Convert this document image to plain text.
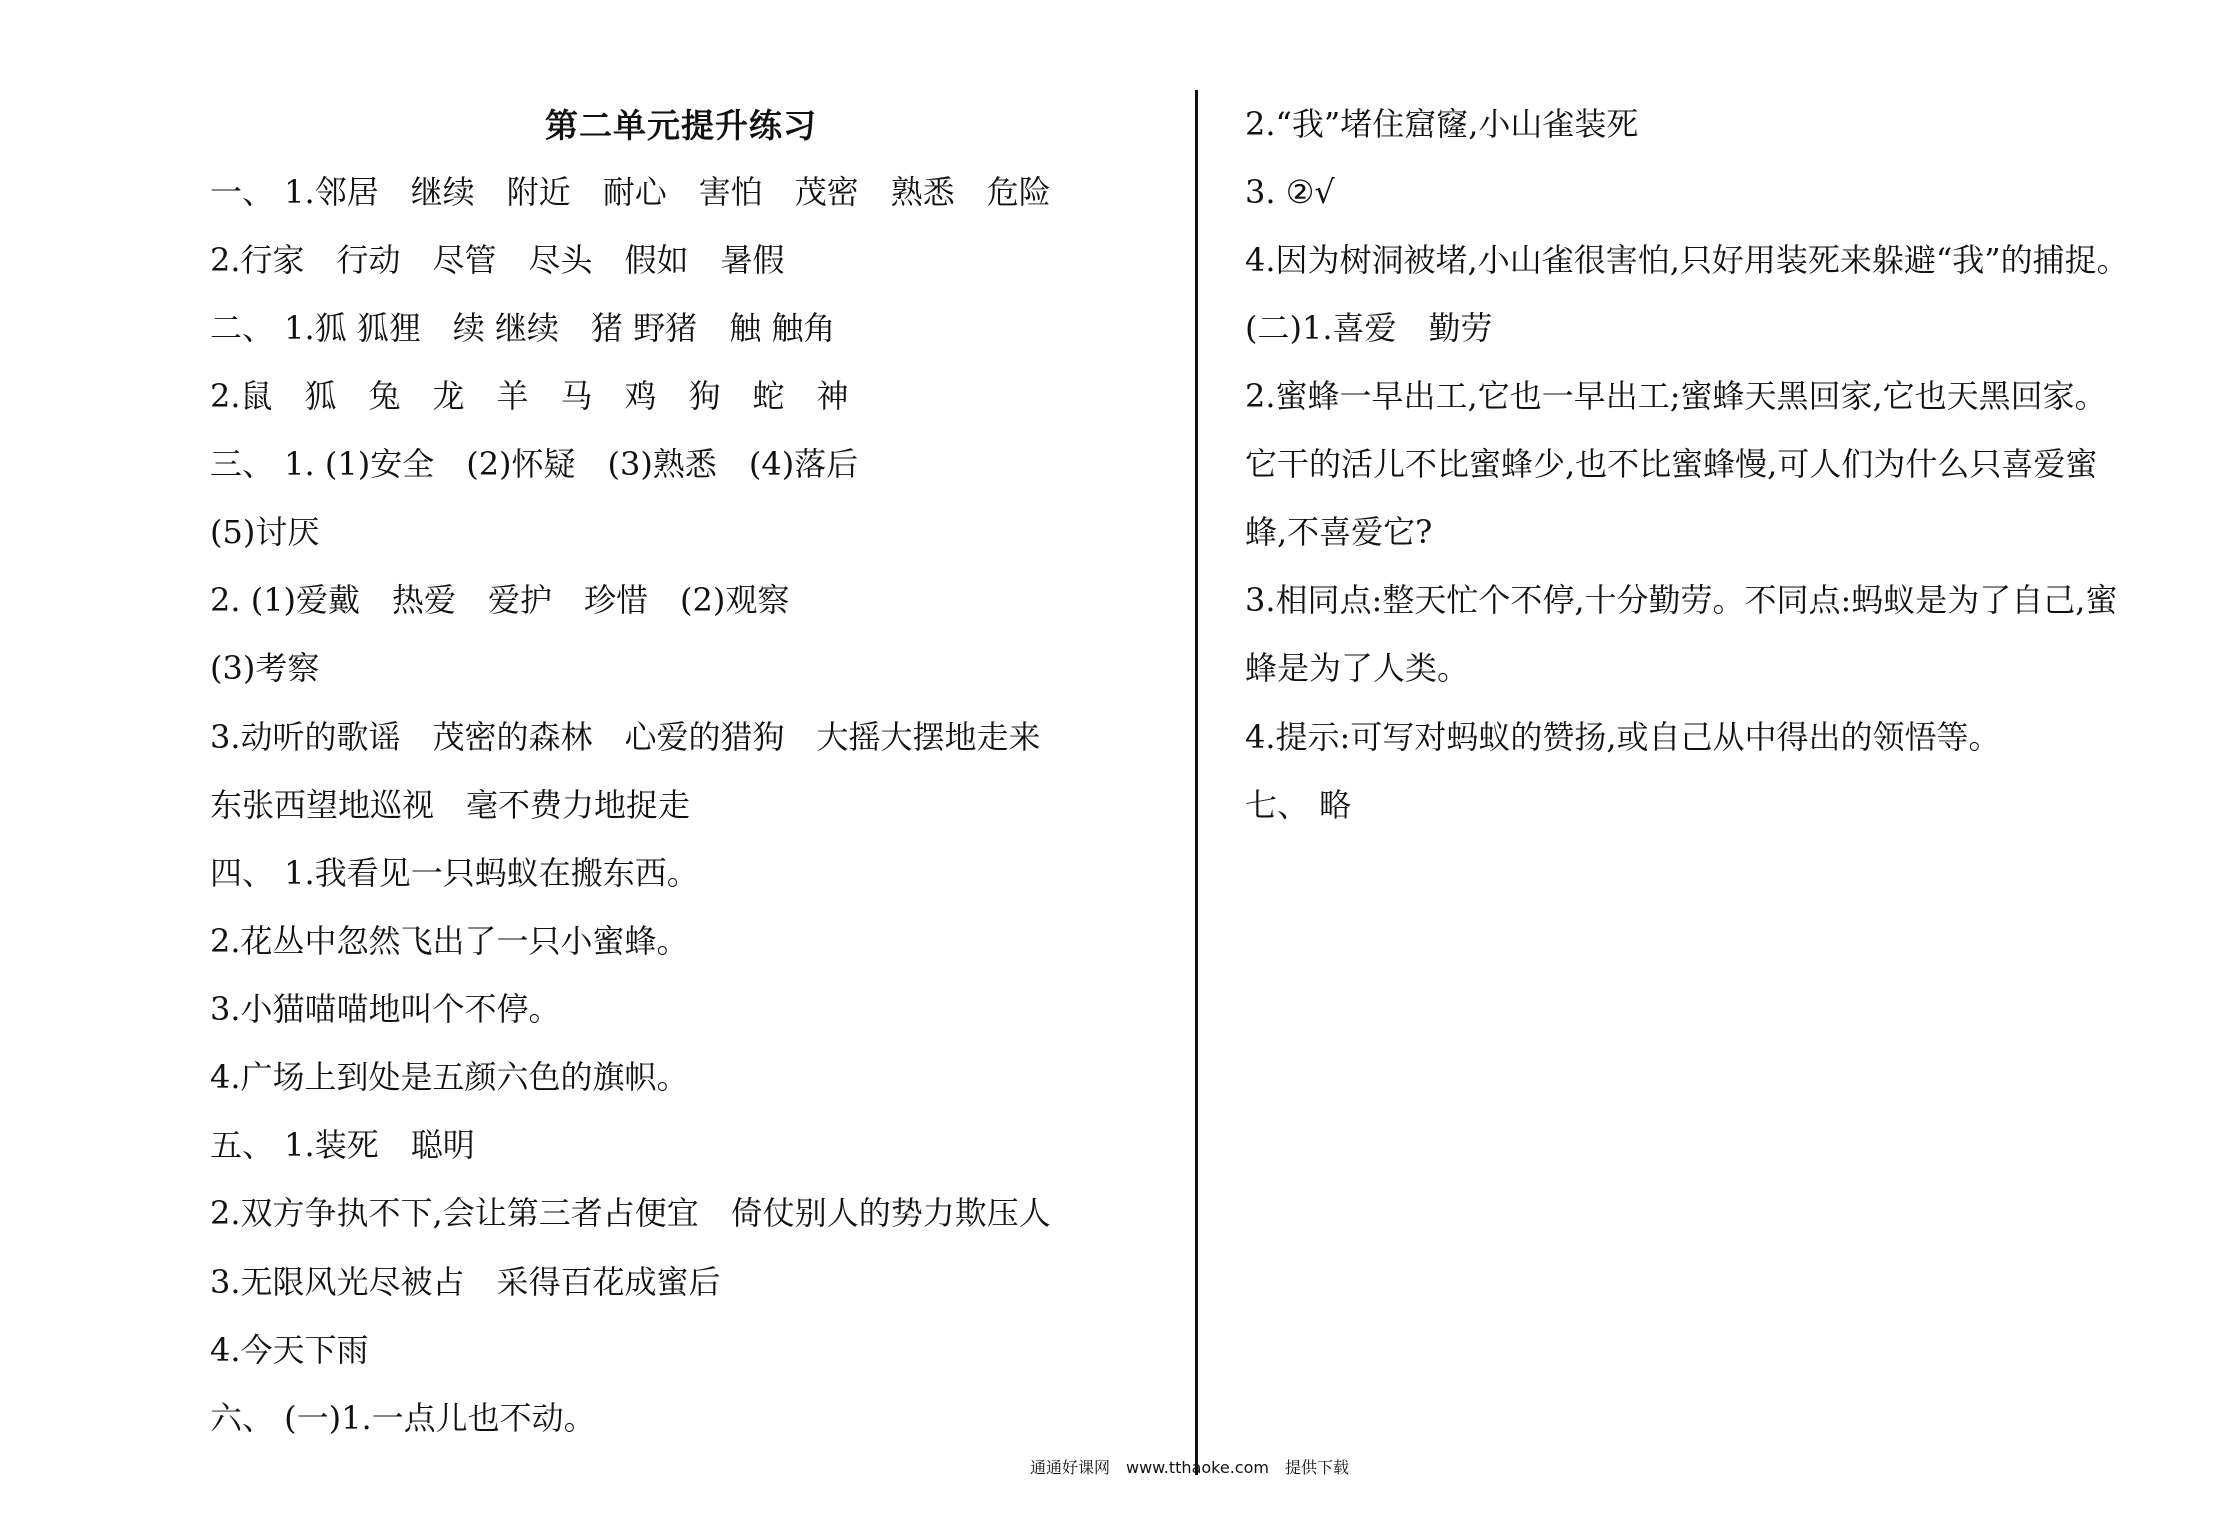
第二单元提升练习
一、 1.邻居　继续　附近　耐心　害怕　茂密　熟悉　危险
2.行家　行动　尽管　尽头　假如　暑假
二、 1.狐 狐狸　续 继续　猪 野猪　触 触角
2.鼠　狐　兔　龙　羊　马　鸡　狗　蛇　神
三、 1. (1)安全　(2)怀疑　(3)熟悉　(4)落后
(5)讨厌
2. (1)爱戴　热爱　爱护　珍惜　(2)观察
(3)考察
3.动听的歌谣　茂密的森林　心爱的猎狗　大摇大摆地走来
东张西望地巡视　毫不费力地捉走
四、 1.我看见一只蚂蚁在搬东西。
2.花丛中忽然飞出了一只小蜜蜂。
3.小猫喵喵地叫个不停。
4.广场上到处是五颜六色的旗帜。
五、 1.装死　聪明
2.双方争执不下,会让第三者占便宜　倚仗别人的势力欺压人
3.无限风光尽被占　采得百花成蜜后
4.今天下雨
六、 (一)1.一点儿也不动。
2.“我”堵住窟窿,小山雀装死
3. ②√
4.因为树洞被堵,小山雀很害怕,只好用装死来躲避“我”的捕捉。
(二)1.喜爱　勤劳
2.蜜蜂一早出工,它也一早出工;蜜蜂天黑回家,它也天黑回家。
它干的活儿不比蜜蜂少,也不比蜜蜂慢,可人们为什么只喜爱蜜
蜂,不喜爱它?
3.相同点:整天忙个不停,十分勤劳。不同点:蚂蚁是为了自己,蜜
蜂是为了人类。
4.提示:可写对蚂蚁的赞扬,或自己从中得出的领悟等。
七、 略
通通好课网　www.tthaoke.com　提供下载
